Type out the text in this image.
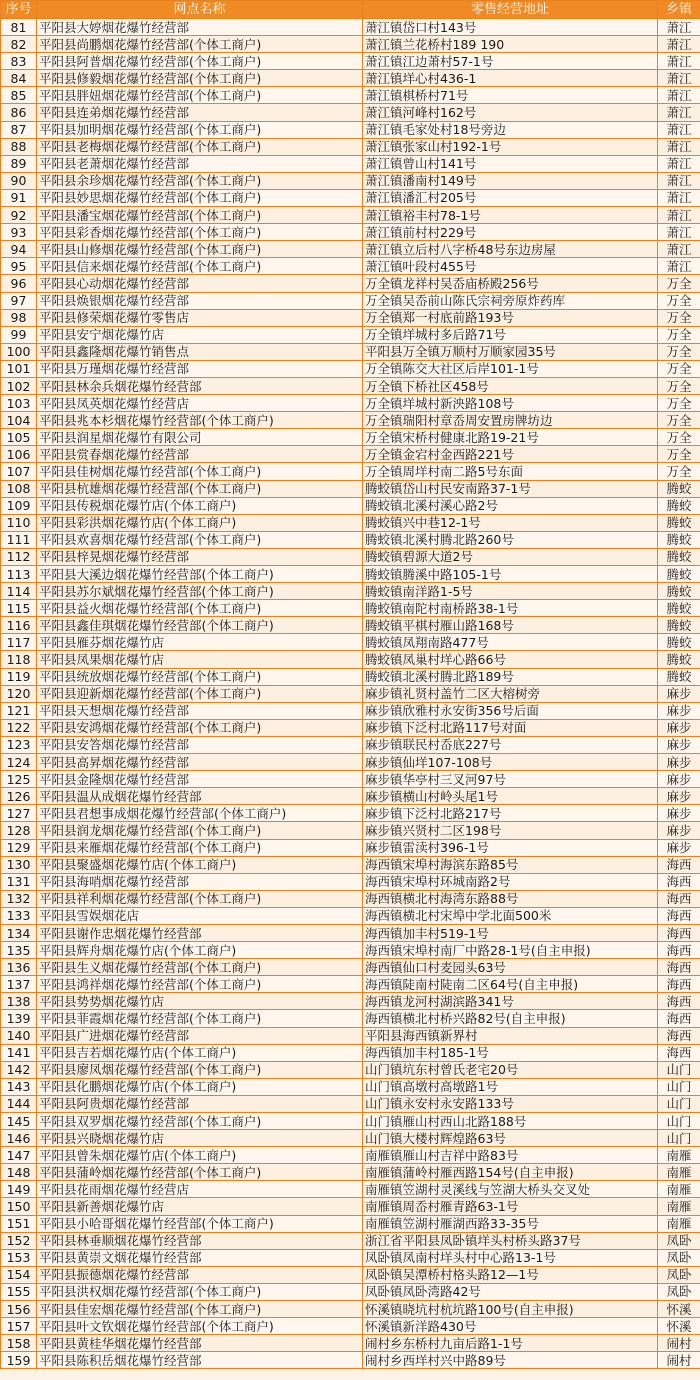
序号	网点名称	零售经营地址	乡镇
81	平阳县大婷烟花爆竹经营部	萧江镇岱口村143号	萧江
82	平阳县尚鹏烟花爆竹经营部(个体工商户)	萧江镇兰花桥村189 190	萧江
83	平阳县阿普烟花爆竹经营部(个体工商户)	萧江镇江边萧村57-1号	萧江
84	平阳县修毅烟花爆竹经营部(个体工商户)	萧江镇垟心村436-1	萧江
85	平阳县胖妞烟花爆竹经营部(个体工商户)	萧江镇棋桥村71号	萧江
86	平阳县连弟烟花爆竹经营部	萧江镇河峰村162号	萧江
87	平阳县加明烟花爆竹经营部(个体工商户)	萧江镇毛家处村18号旁边	萧江
88	平阳县老梅烟花爆竹经营部(个体工商户)	萧江镇张家山村192-1号	萧江
89	平阳县老萧烟花爆竹经营部	萧江镇曾山村141号	萧江
90	平阳县余珍烟花爆竹经营部(个体工商户)	萧江镇潘南村149号	萧江
91	平阳县妙思烟花爆竹经营部(个体工商户)	萧江镇潘汇村205号	萧江
92	平阳县潘宝烟花爆竹经营部(个体工商户)	萧江镇裕丰村78-1号	萧江
93	平阳县彩香烟花爆竹经营部(个体工商户)	萧江镇前村村229号	萧江
94	平阳县山修烟花爆竹经营部(个体工商户)	萧江镇立后村八字桥48号东边房屋	萧江
95	平阳县信来烟花爆竹经营部(个体工商户)	萧江镇叶段村455号	萧江
96	平阳县心动烟花爆竹经营部	万全镇龙祥村吴岙庙桥殿256号	万全
97	平阳县焕银烟花爆竹经营部	万全镇吴岙前山陈氏宗祠旁原炸药库	万全
98	平阳县修荣烟花爆竹零售店	万全镇郑一村底前路193号	万全
99	平阳县安宁烟花爆竹店	万全镇垟城村多后路71号	万全
100	平阳县鑫隆烟花爆竹销售点	平阳县万全镇万顺村万顺家园35号	万全
101	平阳县万瑾烟花爆竹经营部	万全镇陈交大社区后岸101-1号	万全
102	平阳县林余兵烟花爆竹经营部	万全镇下桥社区458号	万全
103	平阳县凤英烟花爆竹经营店	万全镇垟城村新泱路108号	万全
104	平阳县兆本杉烟花爆竹经营部(个体工商户)	万全镇瑞阳村章岙周安置房牌坊边	万全
105	平阳县润星烟花爆竹有限公司	万全镇宋桥村健康北路19-21号	万全
106	平阳县赏春烟花爆竹经营部	万全镇金宕村金西路221号	万全
107	平阳县佳树烟花爆竹经营部(个体工商户)	万全镇周垟村南二路5号东面	万全
108	平阳县杭雄烟花爆竹经营部(个体工商户)	腾蛟镇岱山村民安南路37-1号	腾蛟
109	平阳县传税烟花爆竹店(个体工商户)	腾蛟镇北溪村溪心路2号	腾蛟
110	平阳县彩洪烟花爆竹店(个体工商户)	腾蛟镇兴中巷12-1号	腾蛟
111	平阳县欢喜烟花爆竹经营部(个体工商户)	腾蛟镇北溪村腾北路260号	腾蛟
112	平阳县梓晃烟花爆竹经营部	腾蛟镇碧源大道2号	腾蛟
113	平阳县大溪边烟花爆竹经营部(个体工商户)	腾蛟镇腾溪中路105-1号	腾蛟
114	平阳县苏尔斌烟花爆竹经营部(个体工商户)	腾蛟镇南洋路1-5号	腾蛟
115	平阳县益火烟花爆竹经营部(个体工商户)	腾蛟镇南陀村南桥路38-1号	腾蛟
116	平阳县鑫佳琪烟花爆竹经营部(个体工商户)	腾蛟镇平棋村雁山路168号	腾蛟
117	平阳县雁芬烟花爆竹店	腾蛟镇凤翔南路477号	腾蛟
118	平阳县凤果烟花爆竹店	腾蛟镇凤巢村垟心路66号	腾蛟
119	平阳县统放烟花爆竹经营部(个体工商户)	腾蛟镇北溪村腾北路189号	腾蛟
120	平阳县迎新烟花爆竹经营部(个体工商户)	麻步镇礼贤村盖竹二区大榕树旁	麻步
121	平阳县天想烟花爆竹经营部	麻步镇欣雅村永安街356号后面	麻步
122	平阳县安鸿烟花爆竹经营部(个体工商户)	麻步镇下泛村北路117号对面	麻步
123	平阳县安答烟花爆竹经营部	麻步镇联民村岙底227号	麻步
124	平阳县高昇烟花爆竹经营部	麻步镇仙垟107-108号	麻步
125	平阳县金隆烟花爆竹经营部	麻步镇华亭村三叉河97号	麻步
126	平阳县温从成烟花爆竹经营部	麻步镇横山村岭头尾1号	麻步
127	平阳县君想事成烟花爆竹经营部(个体工商户)	麻步镇下泛村北路217号	麻步
128	平阳县润龙烟花爆竹经营部(个体工商户)	麻步镇兴贤村二区198号	麻步
129	平阳县来雁烟花爆竹经营部(个体工商户)	麻步镇雷渎村396-1号	麻步
130	平阳县聚盛烟花爆竹店(个体工商户)	海西镇宋埠村海滨东路85号	海西
131	平阳县海哨烟花爆竹经营部	海西镇宋埠村环城南路2号	海西
132	平阳县祥利烟花爆竹经营部(个体工商户)	海西镇横北村海湾东路88号	海西
133	平阳县雪娱烟花店	海西镇横北村宋埠中学北面500米	海西
134	平阳县谢作忠烟花爆竹经营部	海西镇加丰村519-1号	海西
135	平阳县辉舟烟花爆竹店(个体工商户)	海西镇宋埠村南厂中路28-1号(自主申报)	海西
136	平阳县生义烟花爆竹经营部(个体工商户)	海西镇仙口村麦园头63号	海西
137	平阳县鸿祥烟花爆竹经营部(个体工商户)	海西镇陡南村陡南二区64号(自主申报)	海西
138	平阳县势势烟花爆竹店	海西镇龙河村湖滨路341号	海西
139	平阳县菲霞烟花爆竹经营部(个体工商户)	海西镇横北村桥兴路82号(自主申报)	海西
140	平阳县广进烟花爆竹经营部	平阳县海西镇新界村	海西
141	平阳县吉若烟花爆竹店(个体工商户)	海西镇加丰村185-1号	海西
142	平阳县廖凤烟花爆竹经营部(个体工商户)	山门镇坑东村曾氏老宅20号	山门
143	平阳县化鹏烟花爆竹店(个体工商户)	山门镇高墩村高墩路1号	山门
144	平阳县阿贵烟花爆竹经营部	山门镇永安村永安路133号	山门
145	平阳县双罗烟花爆竹经营部(个体工商户)	山门镇雁山村西山北路188号	山门
146	平阳县兴晓烟花爆竹店	山门镇大楼村辉煌路63号	山门
147	平阳县曾朱烟花爆竹店(个体工商户)	南雁镇雁山村吉祥中路83号	南雁
148	平阳县蒲岭烟花爆竹经营部(个体工商户)	南雁镇蒲岭村雁西路154号(自主申报)	南雁
149	平阳县花雨烟花爆竹经营店	南雁镇笠湖村灵溪线与笠湖大桥头交叉处	南雁
150	平阳县新善烟花爆竹店	南雁镇周岙村雁青路63-1号	南雁
151	平阳县小哈哥烟花爆竹经营部(个体工商户)	南雁镇笠湖村雁湖西路33-35号	南雁
152	平阳县林垂顺烟花爆竹经营部	浙江省平阳县凤卧镇垟头村桥头路37号	凤卧
153	平阳县黄崇文烟花爆竹经营部	凤卧镇凤南村垟头村中心路13-1号	凤卧
154	平阳县振德烟花爆竹经营部	凤卧镇吴潭桥村格头路12—1号	凤卧
155	平阳县洪权烟花爆竹经营部(个体工商户)	凤卧镇凤卧湾路42号	凤卧
156	平阳县佳宏烟花爆竹经营部(个体工商户)	怀溪镇晓坑村杭坑路100号(自主申报)	怀溪
157	平阳县叶文钦烟花爆竹经营部(个体工商户)	怀溪镇新洋路430号	怀溪
158	平阳县黄桂华烟花爆竹经营部	闹村乡东桥村九亩后路1-1号	闹村
159	平阳县陈积岳烟花爆竹经营部	闹村乡西垟村兴中路89号	闹村
